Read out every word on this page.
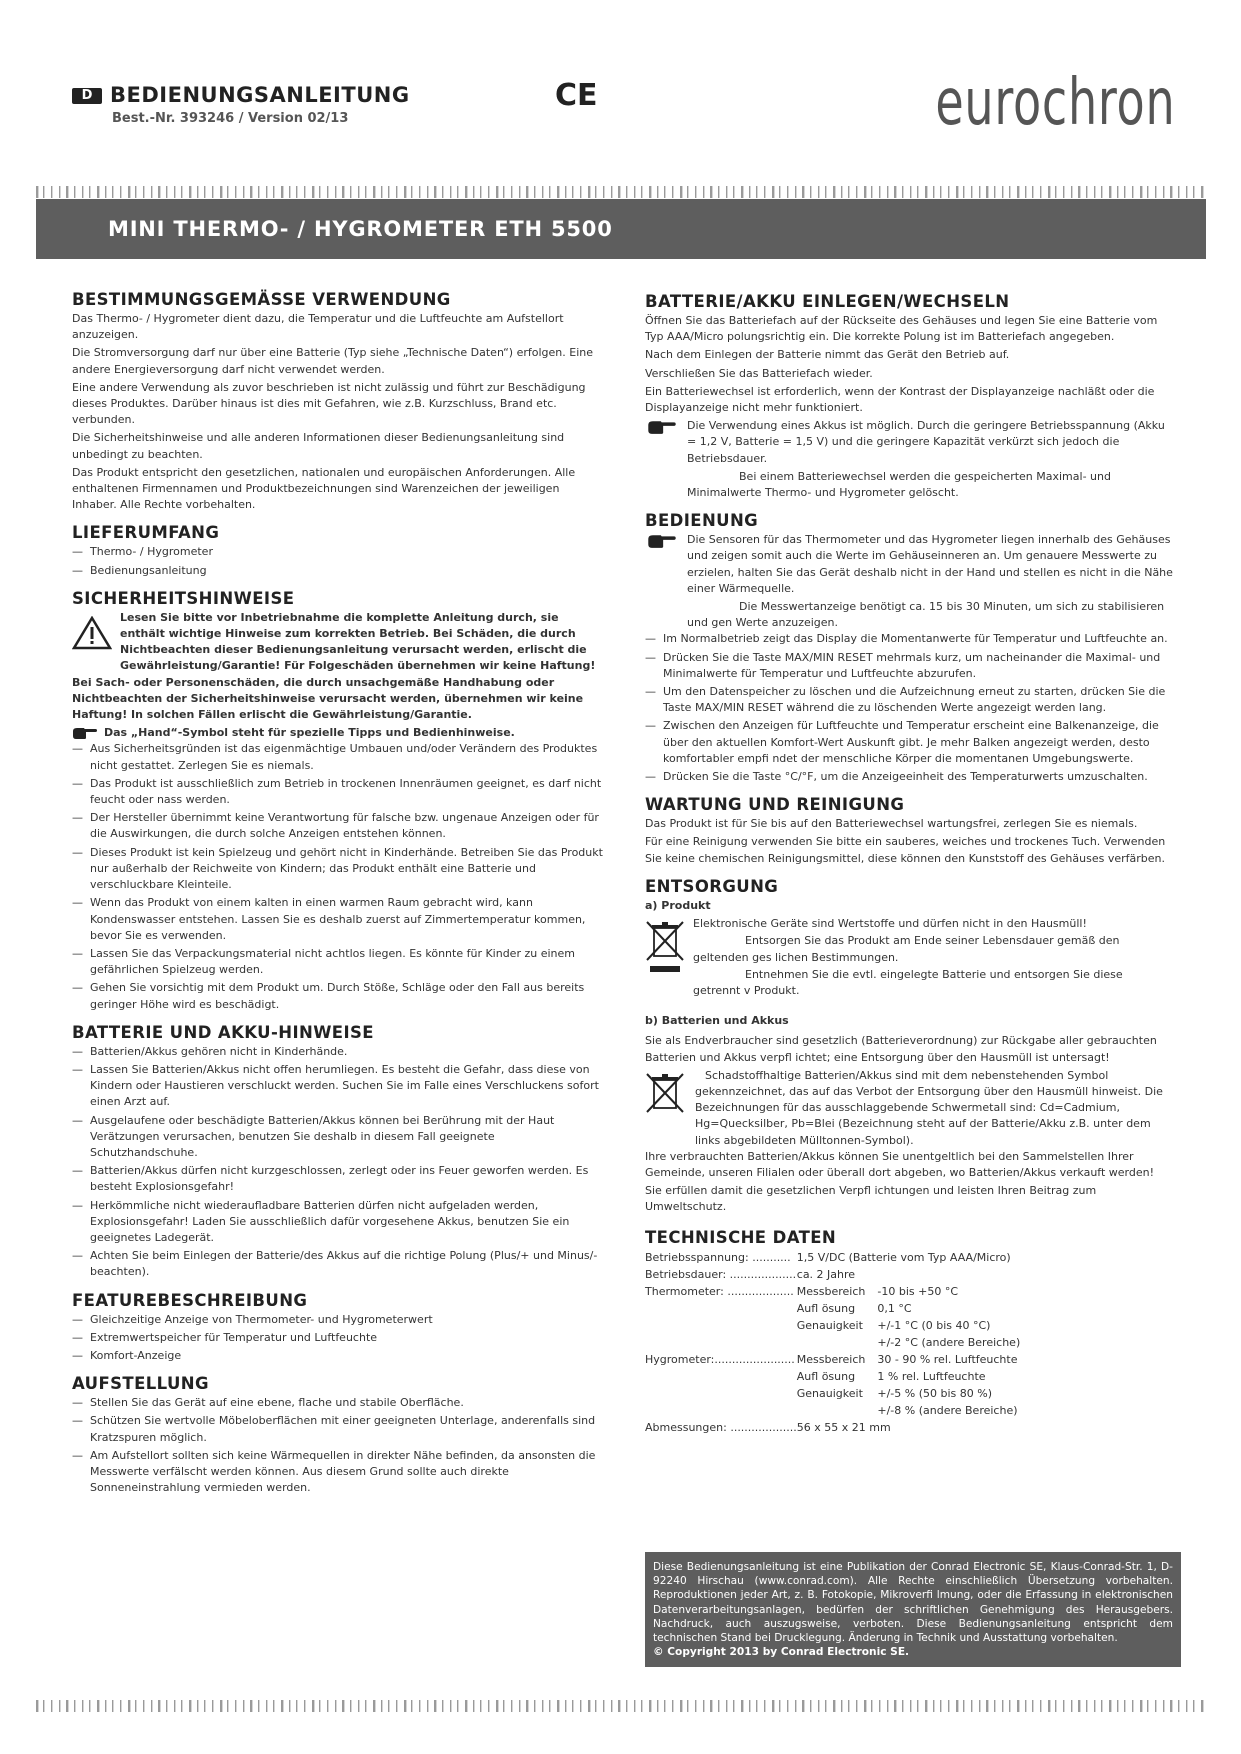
D BEDIENUNGSANLEITUNG
Best.-Nr. 393246 / Version 02/13
CE	eurochron
MINI THERMO- / HYGROMETER ETH 5500
BESTIMMUNGSGEMÄSSE VERWENDUNG

Das Thermo- / Hygrometer dient dazu, die Temperatur und die Luftfeuchte am Aufstellort anzuzeigen.

Die Stromversorgung darf nur über eine Batterie (Typ siehe „Technische Daten“) erfolgen. Eine andere Energieversorgung darf nicht verwendet werden.

Eine andere Verwendung als zuvor beschrieben ist nicht zulässig und führt zur Beschädigung dieses Produktes. Darüber hinaus ist dies mit Gefahren, wie z.B. Kurzschluss, Brand etc. verbunden.

Die Sicherheitshinweise und alle anderen Informationen dieser Bedienungsanleitung sind unbedingt zu beachten.

Das Produkt entspricht den gesetzlichen, nationalen und europäischen Anforderungen. Alle enthaltenen Firmennamen und Produktbezeichnungen sind Warenzeichen der jeweiligen Inhaber. Alle Rechte vorbehalten.

LIEFERUMFANG

— Thermo- / Hygrometer

— Bedienungsanleitung

SICHERHEITSHINWEISE

Lesen Sie bitte vor Inbetriebnahme die komplette Anleitung durch, sie enthält wichtige Hinweise zum korrekten Betrieb. Bei Schäden, die durch Nichtbeachten dieser Bedienungsanleitung verursacht werden, erlischt die Gewährleistung/Garantie! Für Folgeschäden übernehmen wir keine Haftung!

Bei Sach- oder Personenschäden, die durch unsachgemäße Handhabung oder Nichtbeachten der Sicherheitshinweise verursacht werden, übernehmen wir keine Haftung! In solchen Fällen erlischt die Gewährleistung/Garantie.

Das „Hand“-Symbol steht für spezielle Tipps und Bedienhinweise.

— Aus Sicherheitsgründen ist das eigenmächtige Umbauen und/oder Verändern des Produktes nicht gestattet. Zerlegen Sie es niemals.

— Das Produkt ist ausschließlich zum Betrieb in trockenen Innenräumen geeignet, es darf nicht feucht oder nass werden.

— Der Hersteller übernimmt keine Verantwortung für falsche bzw. ungenaue Anzeigen oder für die Auswirkungen, die durch solche Anzeigen entstehen können.

— Dieses Produkt ist kein Spielzeug und gehört nicht in Kinderhände. Betreiben Sie das Produkt nur außerhalb der Reichweite von Kindern; das Produkt enthält eine Batterie und verschluckbare Kleinteile.

— Wenn das Produkt von einem kalten in einen warmen Raum gebracht wird, kann Kondenswasser entstehen. Lassen Sie es deshalb zuerst auf Zimmertemperatur kommen, bevor Sie es verwenden.

— Lassen Sie das Verpackungsmaterial nicht achtlos liegen. Es könnte für Kinder zu einem gefährlichen Spielzeug werden.

— Gehen Sie vorsichtig mit dem Produkt um. Durch Stöße, Schläge oder den Fall aus bereits geringer Höhe wird es beschädigt.

BATTERIE UND AKKU-HINWEISE

— Batterien/Akkus gehören nicht in Kinderhände.

— Lassen Sie Batterien/Akkus nicht offen herumliegen. Es besteht die Gefahr, dass diese von Kindern oder Haustieren verschluckt werden. Suchen Sie im Falle eines Verschluckens sofort einen Arzt auf.

— Ausgelaufene oder beschädigte Batterien/Akkus können bei Berührung mit der Haut Verätzungen verursachen, benutzen Sie deshalb in diesem Fall geeignete Schutzhandschuhe.

— Batterien/Akkus dürfen nicht kurzgeschlossen, zerlegt oder ins Feuer geworfen werden. Es besteht Explosionsgefahr!

— Herkömmliche nicht wiederaufladbare Batterien dürfen nicht aufgeladen werden, Explosionsgefahr! Laden Sie ausschließlich dafür vorgesehene Akkus, benutzen Sie ein geeignetes Ladegerät.

— Achten Sie beim Einlegen der Batterie/des Akkus auf die richtige Polung (Plus/+ und Minus/-beachten).

FEATUREBESCHREIBUNG

— Gleichzeitige Anzeige von Thermometer- und Hygrometerwert

— Extremwertspeicher für Temperatur und Luftfeuchte

— Komfort-Anzeige

AUFSTELLUNG

— Stellen Sie das Gerät auf eine ebene, flache und stabile Oberfläche.

— Schützen Sie wertvolle Möbeloberflächen mit einer geeigneten Unterlage, anderenfalls sind Kratzspuren möglich.

— Am Aufstellort sollten sich keine Wärmequellen in direkter Nähe befinden, da ansonsten die Messwerte verfälscht werden können. Aus diesem Grund sollte auch direkte Sonneneinstrahlung vermieden werden.

BATTERIE/AKKU EINLEGEN/WECHSELN

Öffnen Sie das Batteriefach auf der Rückseite des Gehäuses und legen Sie eine Batterie vom Typ AAA/Micro polungsrichtig ein. Die korrekte Polung ist im Batteriefach angegeben.

Nach dem Einlegen der Batterie nimmt das Gerät den Betrieb auf.

Verschließen Sie das Batteriefach wieder.

Ein Batteriewechsel ist erforderlich, wenn der Kontrast der Displayanzeige nachläßt oder die Displayanzeige nicht mehr funktioniert.

Die Verwendung eines Akkus ist möglich. Durch die geringere Betriebsspannung (Akku = 1,2 V, Batterie = 1,5 V) und die geringere Kapazität verkürzt sich jedoch die Betriebsdauer.

Bei einem Batteriewechsel werden die gespeicherten Maximal- und Minimalwerte Thermo- und Hygrometer gelöscht.

BEDIENUNG

Die Sensoren für das Thermometer und das Hygrometer liegen innerhalb des Gehäuses und zeigen somit auch die Werte im Gehäuseinneren an. Um genauere Messwerte zu erzielen, halten Sie das Gerät deshalb nicht in der Hand und stellen es nicht in die Nähe einer Wärmequelle.

Die Messwertanzeige benötigt ca. 15 bis 30 Minuten, um sich zu stabilisieren und gen Werte anzuzeigen.

— Im Normalbetrieb zeigt das Display die Momentanwerte für Temperatur und Luftfeuchte an.

— Drücken Sie die Taste MAX/MIN RESET mehrmals kurz, um nacheinander die Maximal- und Minimalwerte für Temperatur und Luftfeuchte abzurufen.

— Um den Datenspeicher zu löschen und die Aufzeichnung erneut zu starten, drücken Sie die Taste MAX/MIN RESET während die zu löschenden Werte angezeigt werden lang.

— Zwischen den Anzeigen für Luftfeuchte und Temperatur erscheint eine Balkenanzeige, die über den aktuellen Komfort-Wert Auskunft gibt. Je mehr Balken angezeigt werden, desto komfortabler empfi ndet der menschliche Körper die momentanen Umgebungswerte.

— Drücken Sie die Taste °C/°F, um die Anzeigeeinheit des Temperaturwerts umzuschalten.

WARTUNG UND REINIGUNG

Das Produkt ist für Sie bis auf den Batteriewechsel wartungsfrei, zerlegen Sie es niemals.

Für eine Reinigung verwenden Sie bitte ein sauberes, weiches und trockenes Tuch. Verwenden Sie keine chemischen Reinigungsmittel, diese können den Kunststoff des Gehäuses verfärben.

ENTSORGUNG

a) Produkt

Elektronische Geräte sind Wertstoffe und dürfen nicht in den Hausmüll!

Entsorgen Sie das Produkt am Ende seiner Lebensdauer gemäß den geltenden ges lichen Bestimmungen.

Entnehmen Sie die evtl. eingelegte Batterie und entsorgen Sie diese getrennt v Produkt.

b) Batterien und Akkus

Sie als Endverbraucher sind gesetzlich (Batterieverordnung) zur Rückgabe aller gebrauchten Batterien und Akkus verpfl ichtet; eine Entsorgung über den Hausmüll ist untersagt!

Schadstoffhaltige Batterien/Akkus sind mit dem nebenstehenden Symbol gekennzeichnet, das auf das Verbot der Entsorgung über den Hausmüll hinweist. Die Bezeichnungen für das ausschlaggebende Schwermetall sind: Cd=Cadmium, Hg=Quecksilber, Pb=Blei (Bezeichnung steht auf der Batterie/Akku z.B. unter dem links abgebildeten Mülltonnen-Symbol).

Ihre verbrauchten Batterien/Akkus können Sie unentgeltlich bei den Sammelstellen Ihrer Gemeinde, unseren Filialen oder überall dort abgeben, wo Batterien/Akkus verkauft werden!

Sie erfüllen damit die gesetzlichen Verpfl ichtungen und leisten Ihren Beitrag zum Umweltschutz.

TECHNISCHE DATEN
Betriebsspannung: ...........	1,5 V/DC (Batterie vom Typ AAA/Micro)	
Betriebsdauer: ...................	ca. 2 Jahre	
Thermometer: ...................		Messbereich	-10 bis +50 °C
		Aufl ösung	0,1 °C
		Genauigkeit	+/-1 °C (0 bis 40 °C)
			+/-2 °C (andere Bereiche)
Hygrometer:.......................		Messbereich	30 - 90 % rel. Luftfeuchte
		Aufl ösung	1 % rel. Luftfeuchte
		Genauigkeit	+/-5 % (50 bis 80 %)
			+/-8 % (andere Bereiche)
Abmessungen: ...................	56 x 55 x 21 mm	
Diese Bedienungsanleitung ist eine Publikation der Conrad Electronic SE, Klaus-Conrad-Str. 1, D-92240 Hirschau (www.conrad.com). Alle Rechte einschließlich Übersetzung vorbehalten. Reproduktionen jeder Art, z. B. Fotokopie, Mikroverfi lmung, oder die Erfassung in elektronischen Datenverarbeitungsanlagen, bedürfen der schriftlichen Genehmigung des Herausgebers. Nachdruck, auch auszugsweise, verboten. Diese Bedienungsanleitung entspricht dem technischen Stand bei Drucklegung. Änderung in Technik und Ausstattung vorbehalten.
© Copyright 2013 by Conrad Electronic SE.
